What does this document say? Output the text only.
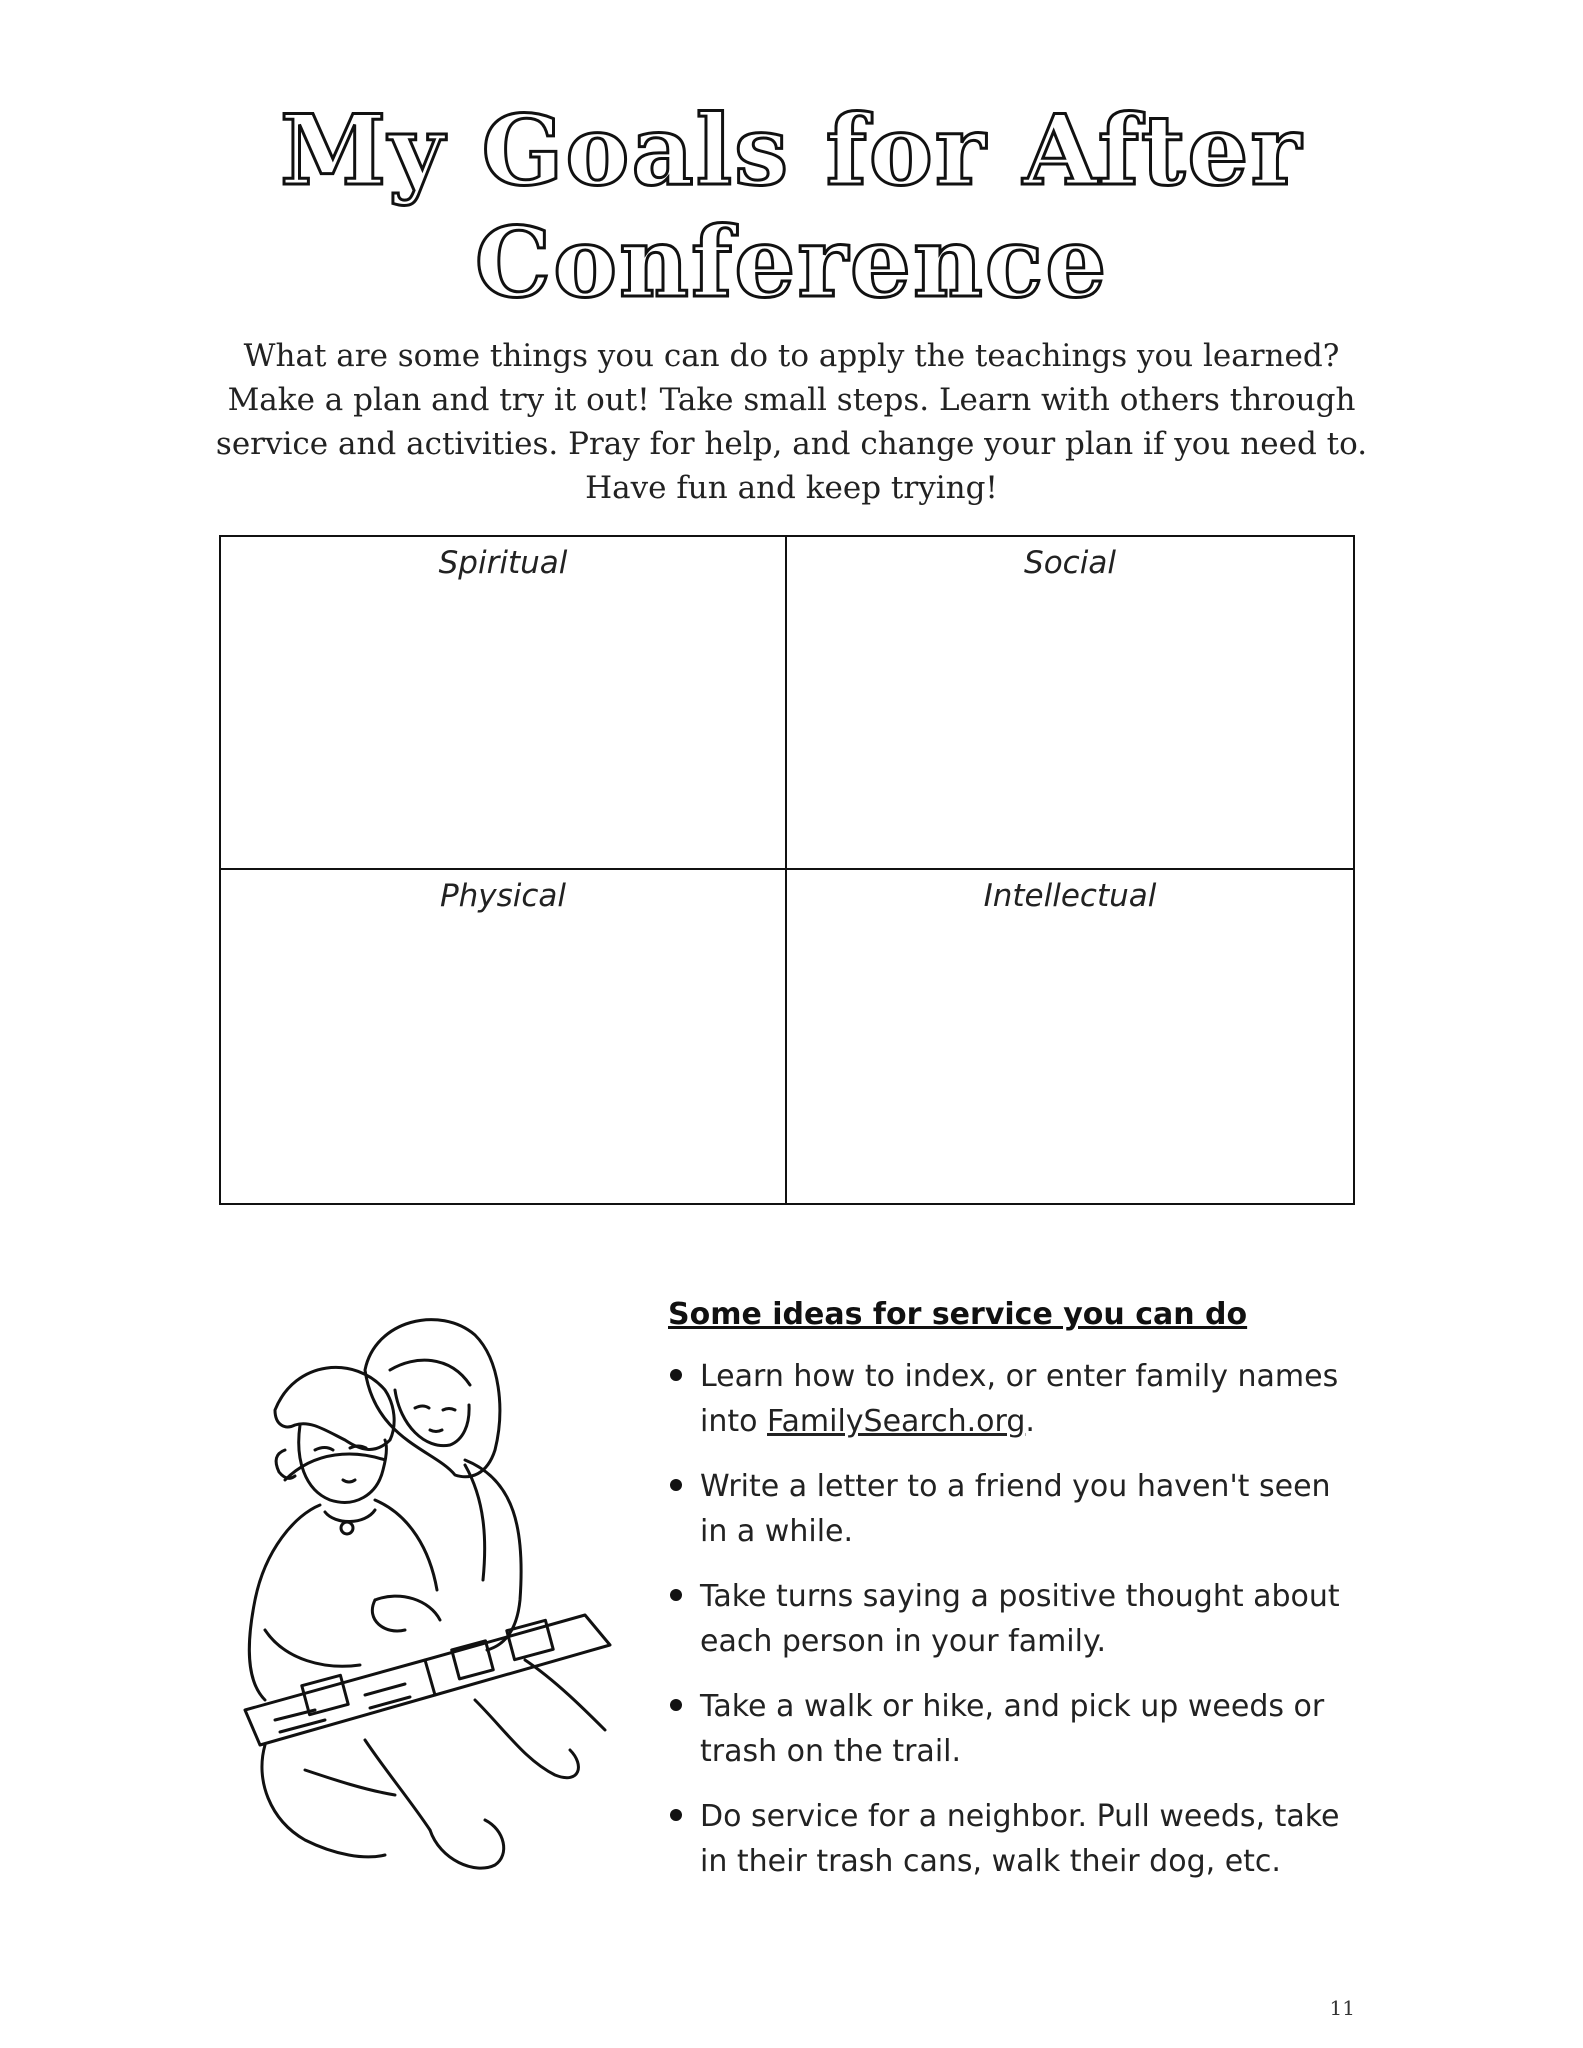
My Goals for After
Conference
What are some things you can do to apply the teachings you learned?
Make a plan and try it out! Take small steps. Learn with others through
service and activities. Pray for help, and change your plan if you need to.
Have fun and keep trying!
Spiritual	Social
Physical	Intellectual
Some ideas for service you can do
Learn how to index, or enter family names into FamilySearch.org.
Write a letter to a friend you haven't seen in a while.
Take turns saying a positive thought about each person in your family.
Take a walk or hike, and pick up weeds or trash on the trail.
Do service for a neighbor. Pull weeds, take in their trash cans, walk their dog, etc.
11
